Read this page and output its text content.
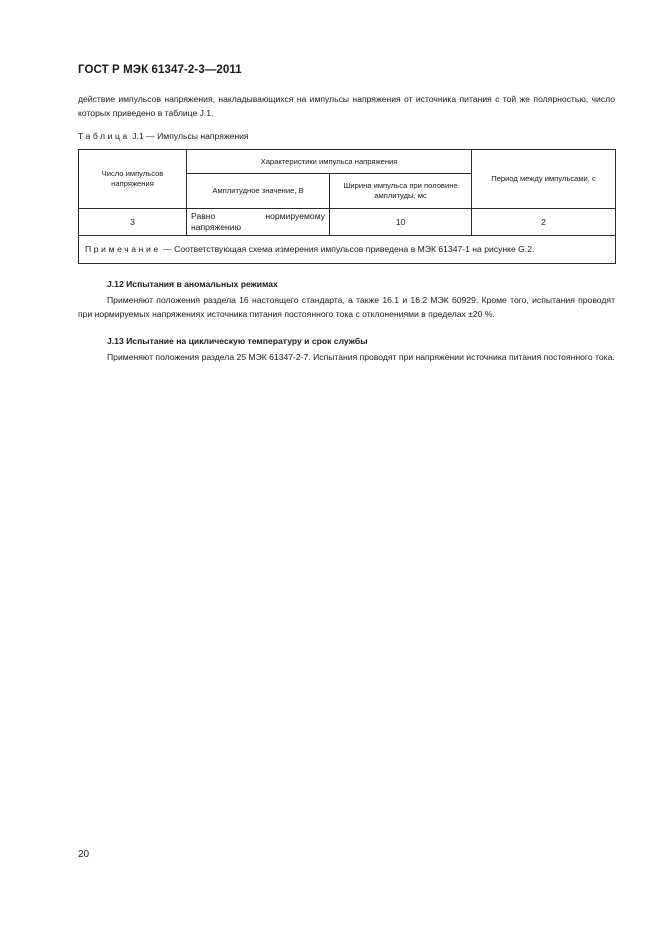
ГОСТ Р МЭК 61347-2-3—2011
действие импульсов напряжения, накладывающихся на импульсы напряжения от источника питания с той же полярностью, число которых приведено в таблице J.1.
Таблица J.1 — Импульсы напряжения
Число импульсов напряжения	Характеристики импульса напряжения		Период между импульсами, с
	Амплитудное значение, В	Ширина импульса при половине амплитуды, мс	
3	Равно нормируемому напряжению	10	2
Примечание — Соответствующая схема измерения импульсов приведена в МЭК 61347-1 на рисунке G.2.			
J.12 Испытания в аномальных режимах
Применяют положения раздела 16 настоящего стандарта, а также 16.1 и 16.2 МЭК 60929. Кроме того, испытания проводят при нормируемых напряжениях источника питания постоянного тока с отклонениями в пределах ±20 %.
J.13 Испытание на циклическую температуру и срок службы
Применяют положения раздела 25 МЭК 61347-2-7. Испытания проводят при напряжении источника питания постоянного тока.
20
